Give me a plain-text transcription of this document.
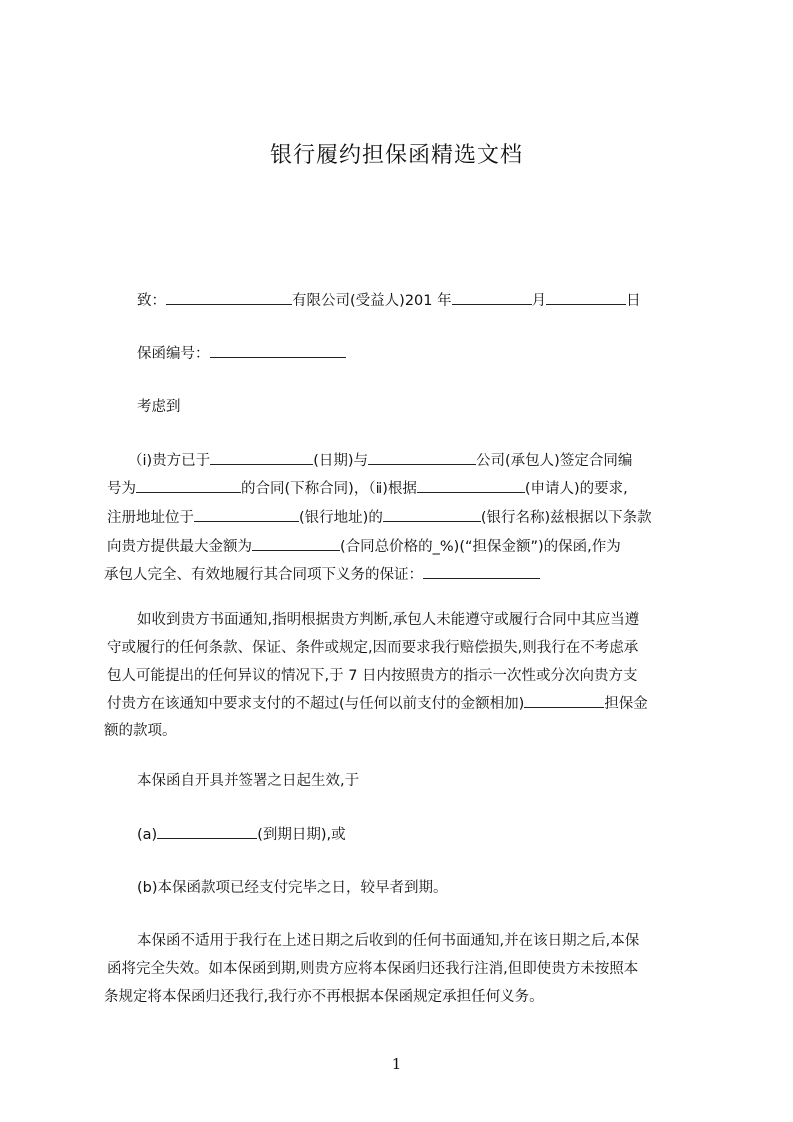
银行履约担保函精选文档
致：	有限公司(受益人)201 年	月	日
保函编号：
考虑到
（ⅰ)贵方已于	(日期)与	公司(承包人)签定合同编
号为	的合同(下称合同)，（ⅱ)根据	(申请人)的要求,
注册地址位于	(银行地址)的	(银行名称)兹根据以下条款
向贵方提供最大金额为	(合同总价格的_%)(“担保金额”)的保函,作为
承包人完全、有效地履行其合同项下义务的保证：
如收到贵方书面通知,指明根据贵方判断,承包人未能遵守或履行合同中其应当遵
守或履行的任何条款、保证、条件或规定,因而要求我行赔偿损失,则我行在不考虑承
包人可能提出的任何异议的情况下,于 7 日内按照贵方的指示一次性或分次向贵方支
付贵方在该通知中要求支付的不超过(与任何以前支付的金额相加)	担保金
额的款项。
本保函自开具并签署之日起生效,于
(a)	(到期日期),或
(b)本保函款项已经支付完毕之日，较早者到期。
本保函不适用于我行在上述日期之后收到的任何书面通知,并在该日期之后,本保
函将完全失效。如本保函到期,则贵方应将本保函归还我行注消,但即使贵方未按照本
条规定将本保函归还我行,我行亦不再根据本保函规定承担任何义务。
1
